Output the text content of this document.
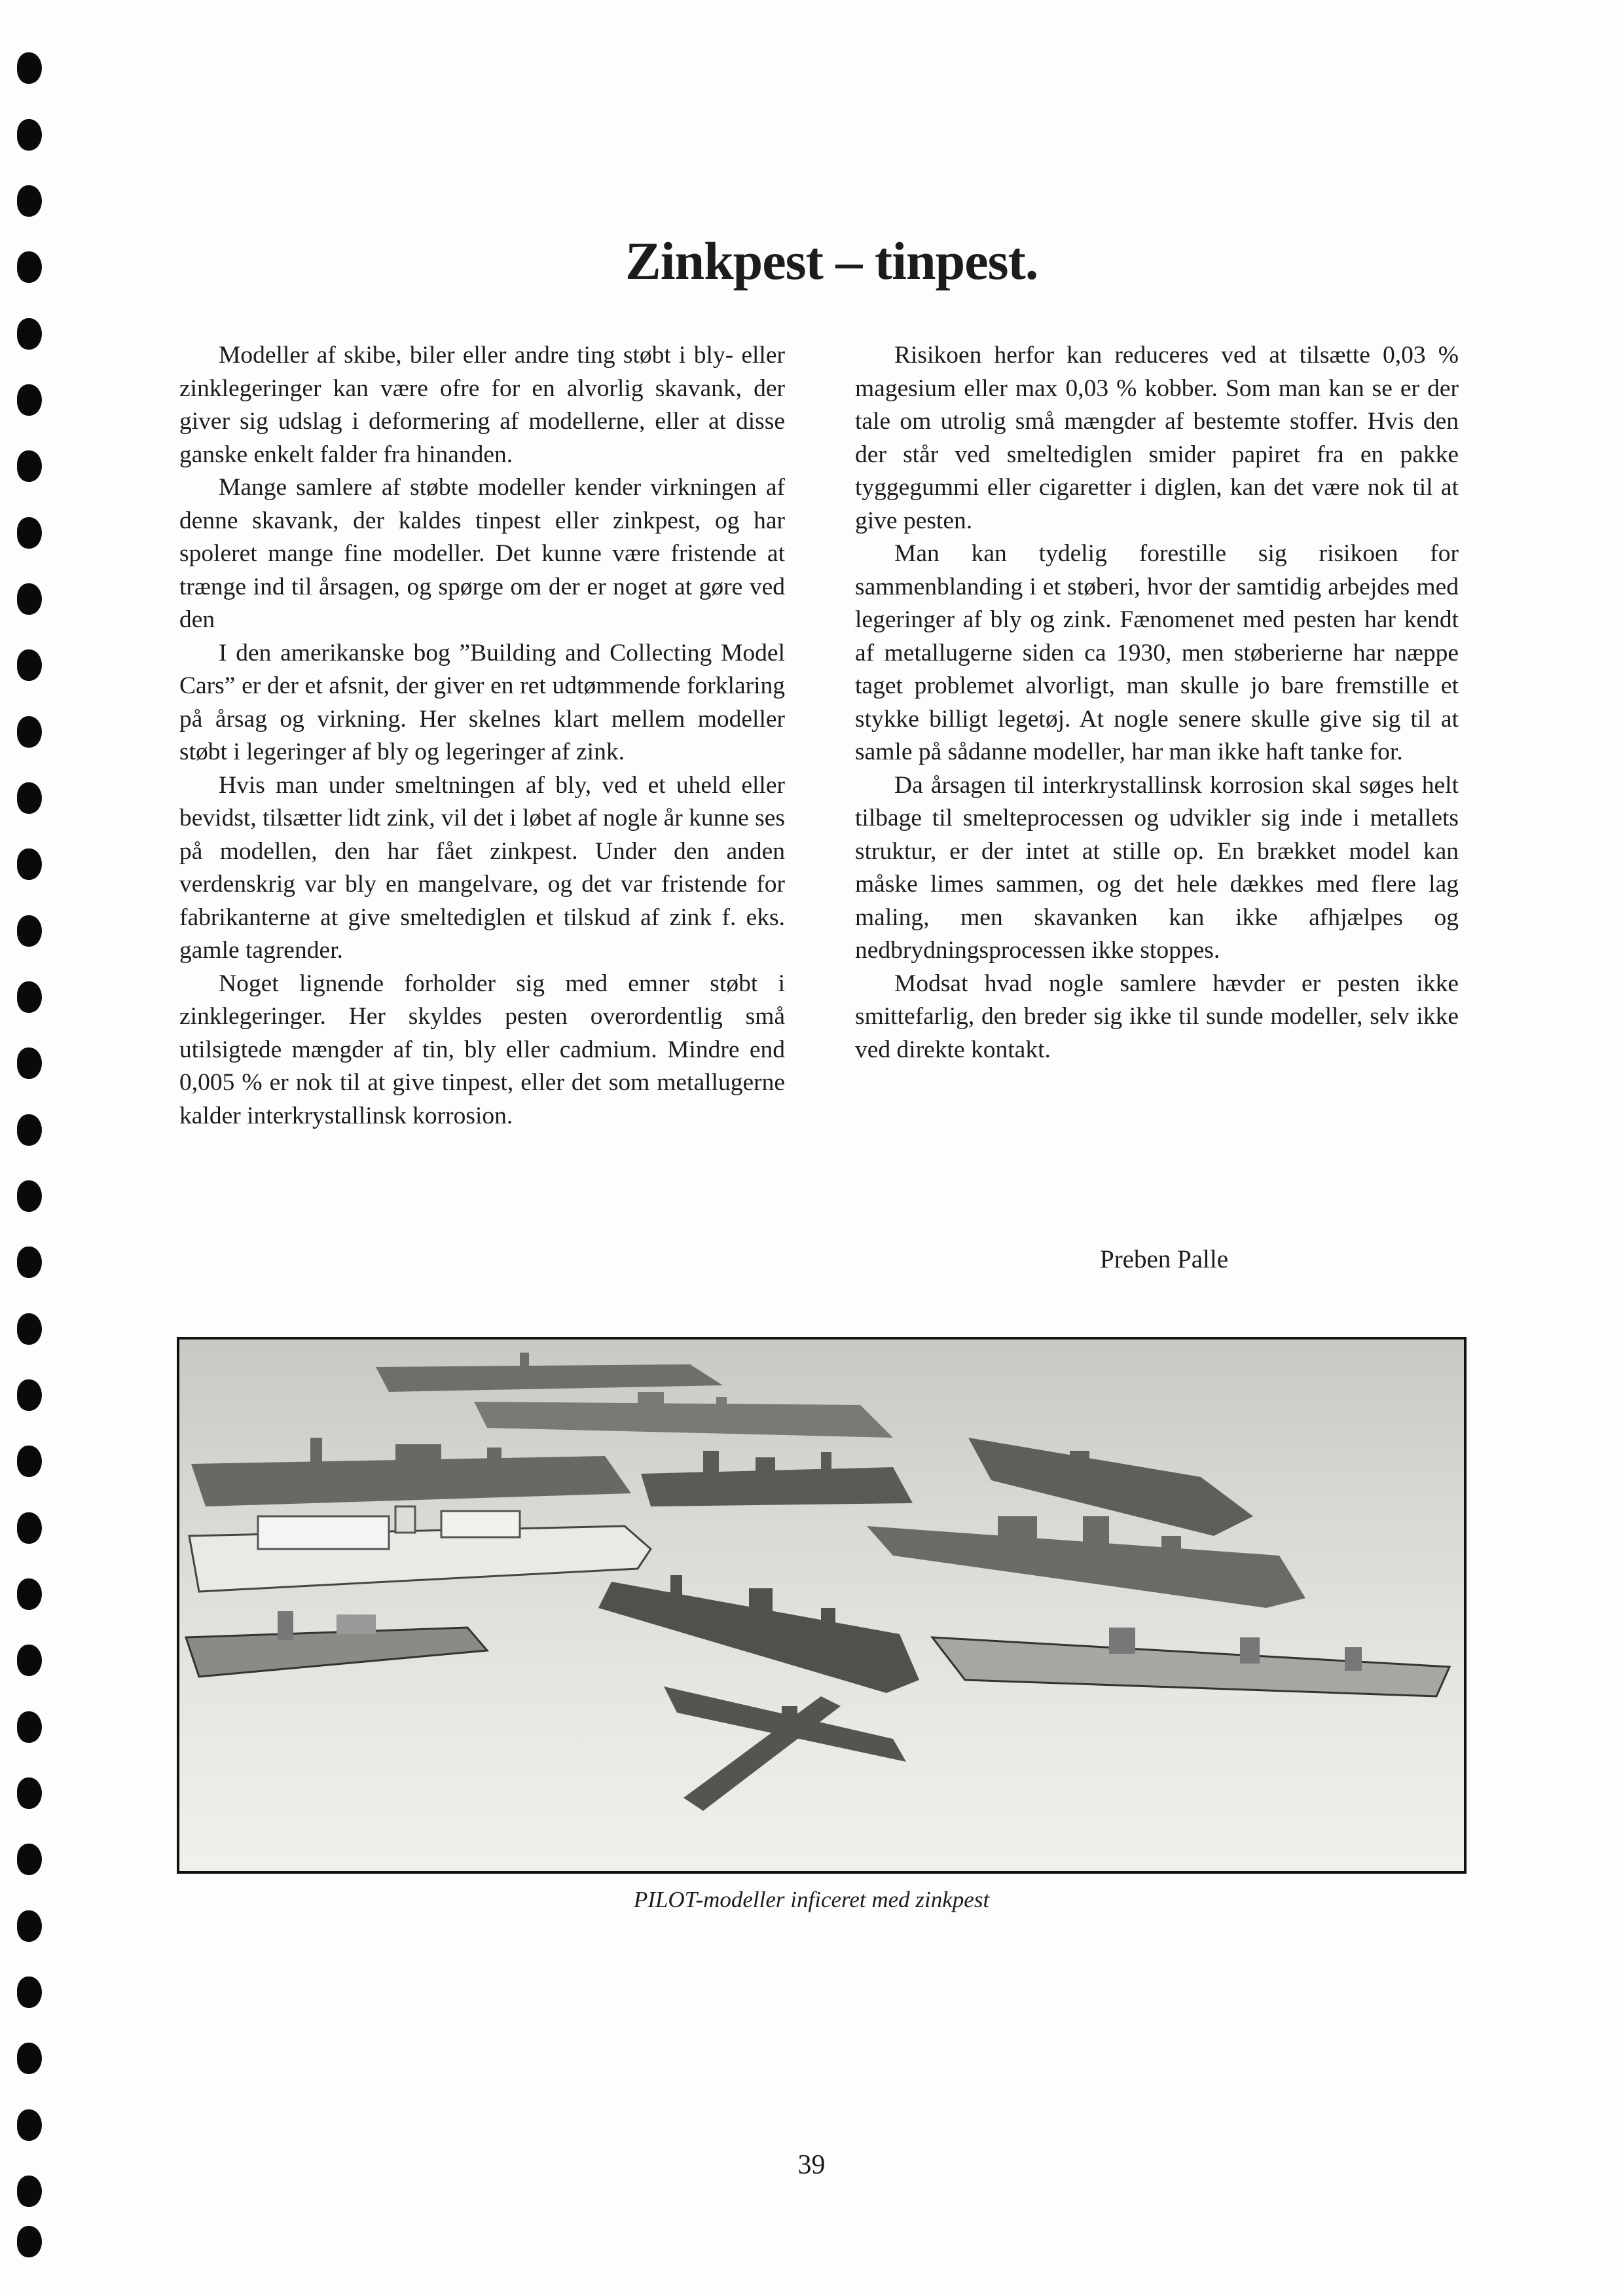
Zinkpest – tinpest.

Modeller af skibe, biler eller andre ting støbt i bly- eller zinklegeringer kan være ofre for en alvorlig skavank, der giver sig udslag i deformering af modellerne, eller at disse ganske enkelt falder fra hinanden.

Mange samlere af støbte modeller kender virkningen af denne skavank, der kaldes tinpest eller zinkpest, og har spoleret mange fine modeller. Det kunne være fristende at trænge ind til årsagen, og spørge om der er noget at gøre ved den

I den amerikanske bog ”Building and Collecting Model Cars” er der et afsnit, der giver en ret udtømmende forklaring på årsag og virkning. Her skelnes klart mellem modeller støbt i legeringer af bly og legeringer af zink.

Hvis man under smeltningen af bly, ved et uheld eller bevidst, tilsætter lidt zink, vil det i løbet af nogle år kunne ses på modellen, den har fået zinkpest. Under den anden verdenskrig var bly en mangelvare, og det var fristende for fabrikanterne at give smeltediglen et tilskud af zink f. eks. gamle tagrender.

Noget lignende forholder sig med emner støbt i zinklegeringer. Her skyldes pesten overordentlig små utilsigtede mængder af tin, bly eller cadmium. Mindre end 0,005 % er nok til at give tinpest, eller det som metallugerne kalder interkrystallinsk korrosion.

Risikoen herfor kan reduceres ved at tilsætte 0,03 % magesium eller max 0,03 % kobber. Som man kan se er der tale om utrolig små mængder af bestemte stoffer. Hvis den der står ved smeltediglen smider papiret fra en pakke tyggegummi eller cigaretter i diglen, kan det være nok til at give pesten.

Man kan tydelig forestille sig risikoen for sammenblanding i et støberi, hvor der samtidig arbejdes med legeringer af bly og zink. Fænomenet med pesten har kendt af metallugerne siden ca 1930, men støberierne har næppe taget problemet alvorligt, man skulle jo bare fremstille et stykke billigt legetøj. At nogle senere skulle give sig til at samle på sådanne modeller, har man ikke haft tanke for.

Da årsagen til interkrystallinsk korrosion skal søges helt tilbage til smelteprocessen og udvikler sig inde i metallets struktur, er der intet at stille op. En brækket model kan måske limes sammen, og det hele dækkes med flere lag maling, men skavanken kan ikke afhjælpes og nedbrydningsprocessen ikke stoppes.

Modsat hvad nogle samlere hævder er pesten ikke smittefarlig, den breder sig ikke til sunde modeller, selv ikke ved direkte kontakt.

Preben Palle
PILOT-modeller inficeret med zinkpest
39
